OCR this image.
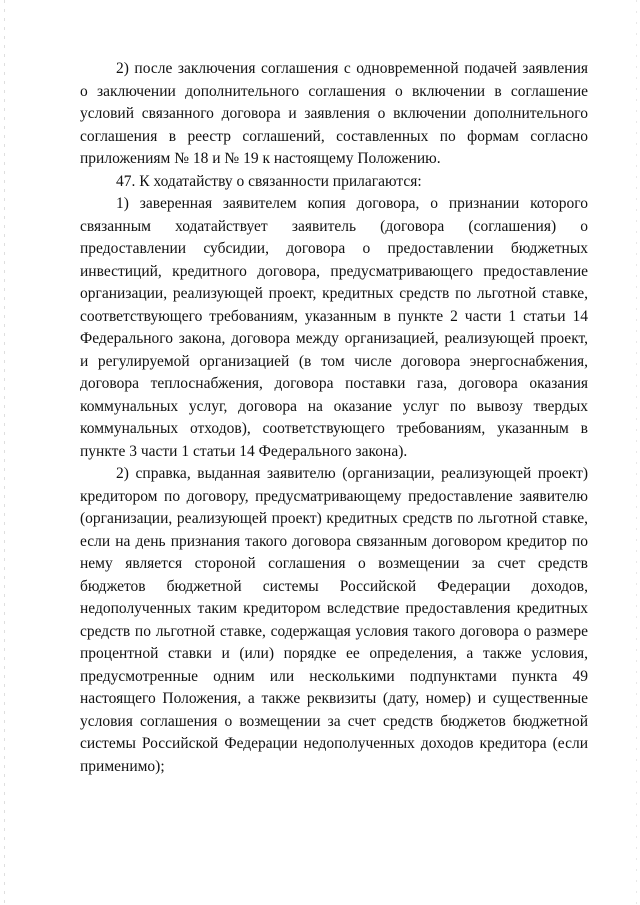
2) после заключения соглашения с одновременной подачей заявления о заключении дополнительного соглашения о включении в соглашение условий связанного договора и заявления о включении дополнительного соглашения в реестр соглашений, составленных по формам согласно приложениям № 18 и № 19 к настоящему Положению.

47. К ходатайству о связанности прилагаются:

1) заверенная заявителем копия договора, о признании которого связанным ходатайствует заявитель (договора (соглашения) о предоставлении субсидии, договора о предоставлении бюджетных инвестиций, кредитного договора, предусматривающего предоставление организации, реализующей проект, кредитных средств по льготной ставке, соответствующего требованиям, указанным в пункте 2 части 1 статьи 14 Федерального закона, договора между организацией, реализующей проект, и регулируемой организацией (в том числе договора энергоснабжения, договора теплоснабжения, договора поставки газа, договора оказания коммунальных услуг, договора на оказание услуг по вывозу твердых коммунальных отходов), соответствующего требованиям, указанным в пункте 3 части 1 статьи 14 Федерального закона).

2) справка, выданная заявителю (организации, реализующей проект) кредитором по договору, предусматривающему предоставление заявителю (организации, реализующей проект) кредитных средств по льготной ставке, если на день признания такого договора связанным договором кредитор по нему является стороной соглашения о возмещении за счет средств бюджетов бюджетной системы Российской Федерации доходов, недополученных таким кредитором вследствие предоставления кредитных средств по льготной ставке, содержащая условия такого договора о размере процентной ставки и (или) порядке ее определения, а также условия, предусмотренные одним или несколькими подпунктами пункта 49 настоящего Положения, а также реквизиты (дату, номер) и существенные условия соглашения о возмещении за счет средств бюджетов бюджетной системы Российской Федерации недополученных доходов кредитора (если применимо);
